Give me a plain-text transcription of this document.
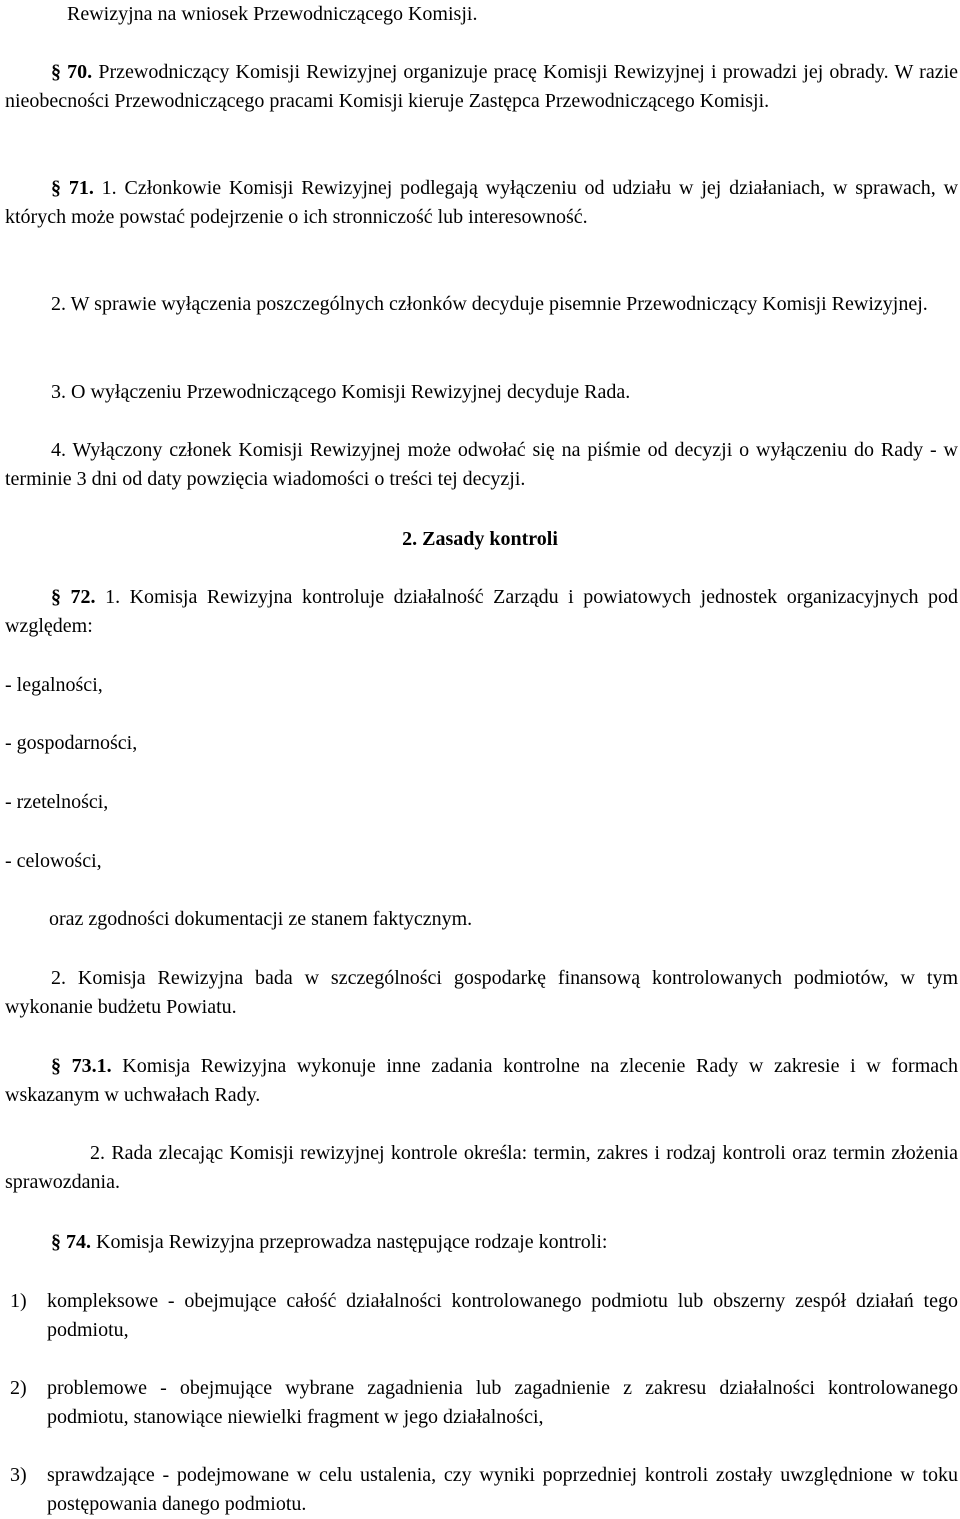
Rewizyjna na wniosek Przewodniczącego Komisji.

§ 70. Przewodniczący Komisji Rewizyjnej organizuje pracę Komisji Rewizyjnej i prowadzi jej obrady. W razie nieobecności Przewodniczącego pracami Komisji kieruje Zastępca Przewodniczącego Komisji.

§ 71. 1. Członkowie Komisji Rewizyjnej podlegają wyłączeniu od udziału w jej działaniach, w sprawach, w których może powstać podejrzenie o ich stronniczość lub interesowność.

2. W sprawie wyłączenia poszczególnych członków decyduje pisemnie Przewodniczący Komisji Rewizyjnej.

3. O wyłączeniu Przewodniczącego Komisji Rewizyjnej decyduje Rada.

4. Wyłączony członek Komisji Rewizyjnej może odwołać się na piśmie od decyzji o wyłączeniu do Rady - w terminie 3 dni od daty powzięcia wiadomości o treści tej decyzji.

2. Zasady kontroli

§ 72. 1. Komisja Rewizyjna kontroluje działalność Zarządu i powiatowych jednostek organizacyjnych pod względem:

- legalności,
- gospodarności,
- rzetelności,
- celowości,
oraz zgodności dokumentacji ze stanem faktycznym.

2. Komisja Rewizyjna bada w szczególności gospodarkę finansową kontrolowanych podmiotów, w tym wykonanie budżetu Powiatu.

§ 73.1. Komisja Rewizyjna wykonuje inne zadania kontrolne na zlecenie Rady w zakresie i w formach wskazanym w uchwałach Rady.

2. Rada zlecając Komisji rewizyjnej kontrole określa: termin, zakres i rodzaj kontroli oraz termin złożenia sprawozdania.

§ 74. Komisja Rewizyjna przeprowadza następujące rodzaje kontroli:

1) kompleksowe - obejmujące całość działalności kontrolowanego podmiotu lub obszerny zespół działań tego podmiotu,
2) problemowe - obejmujące wybrane zagadnienia lub zagadnienie z zakresu działalności kontrolowanego podmiotu, stanowiące niewielki fragment w jego działalności,
3) sprawdzające - podejmowane w celu ustalenia, czy wyniki poprzedniej kontroli zostały uwzględnione w toku postępowania danego podmiotu.
